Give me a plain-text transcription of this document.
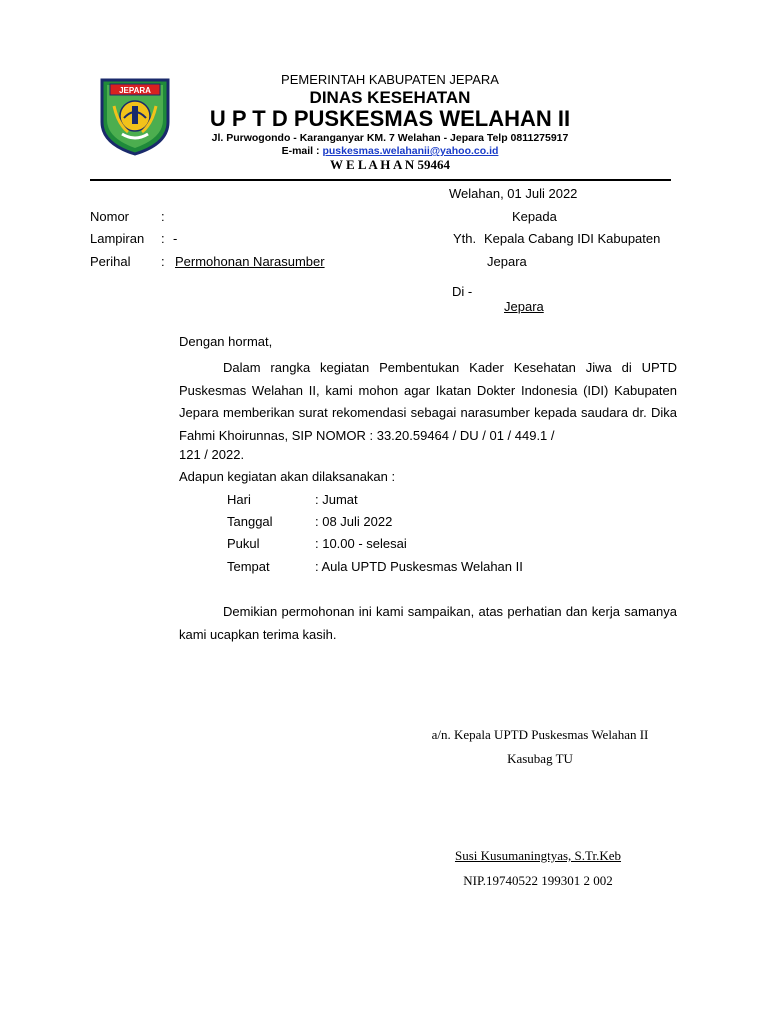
JEPARA
PEMERINTAH KABUPATEN JEPARA
DINAS KESEHATAN
U P T D PUSKESMAS WELAHAN II
Jl. Purwogondo - Karanganyar KM. 7 Welahan - Jepara Telp 0811275917
E-mail : puskesmas.welahanii@yahoo.co.id
W E L A H A N 59464
Welahan, 01 Juli 2022
Nomor :
Lampiran : -
Perihal : Permohonan Narasumber
Kepada
Yth. Kepala Cabang IDI Kabupaten
Jepara
Di -
Jepara
Dengan hormat,

Dalam rangka kegiatan Pembentukan Kader Kesehatan Jiwa di UPTD Puskesmas Welahan II, kami mohon agar Ikatan Dokter Indonesia (IDI) Kabupaten Jepara memberikan surat rekomendasi sebagai narasumber kepada saudara dr. Dika Fahmi Khoirunnas, SIP NOMOR : 33.20.59464 / DU / 01 / 449.1 /

121 / 2022.
Adapun kegiatan akan dilaksanakan :
Hari	: Jumat
Tanggal	: 08 Juli 2022
Pukul	: 10.00 - selesai
Tempat	: Aula UPTD Puskesmas Welahan II

Demikian permohonan ini kami sampaikan, atas perhatian dan kerja samanya kami ucapkan terima kasih.

a/n. Kepala UPTD Puskesmas Welahan II
Kasubag TU
Susi Kusumaningtyas, S.Tr.Keb
NIP.19740522 199301 2 002
